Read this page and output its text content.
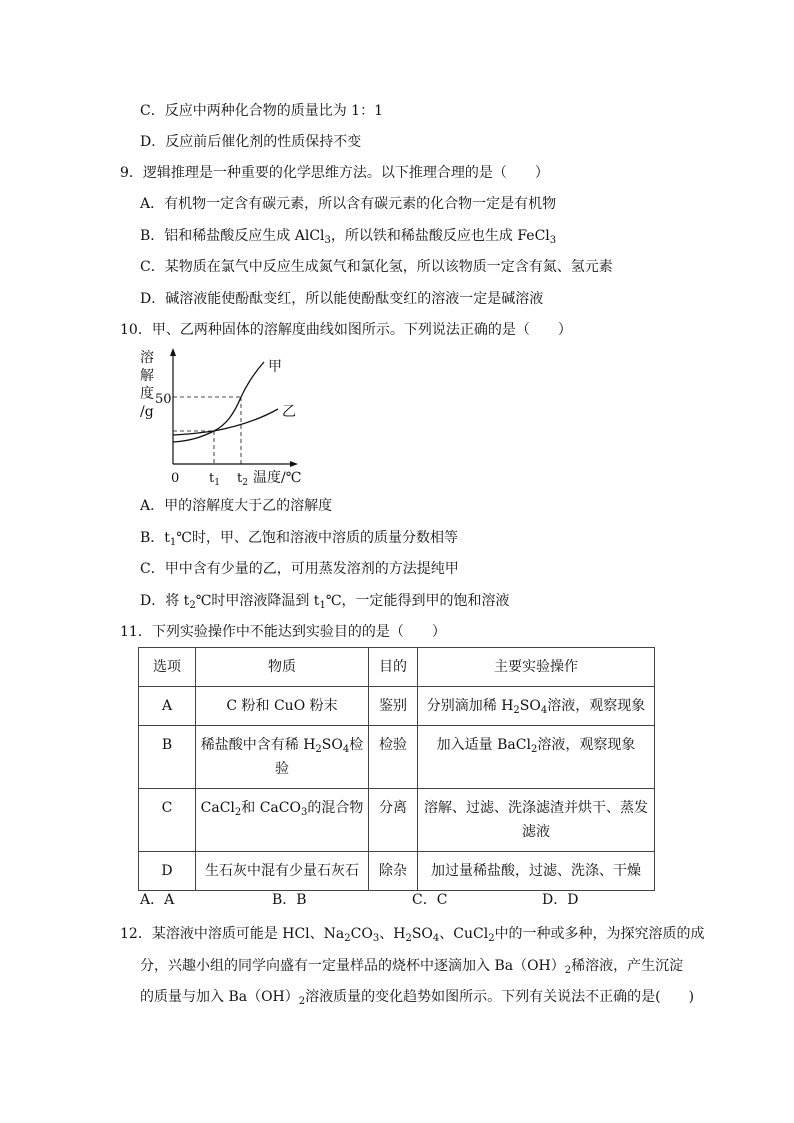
C．反应中两种化合物的质量比为 1：1
D．反应前后催化剂的性质保持不变
9．逻辑推理是一种重要的化学思维方法。以下推理合理的是（　　）
A．有机物一定含有碳元素，所以含有碳元素的化合物一定是有机物
B．铝和稀盐酸反应生成 AlCl$_3$，所以铁和稀盐酸反应也生成 FeCl$_3$
C．某物质在氯气中反应生成氮气和氯化氢，所以该物质一定含有氮、氢元素
D．碱溶液能使酚酞变红，所以能使酚酞变红的溶液一定是碱溶液
10．甲、乙两种固体的溶解度曲线如图所示。下列说法正确的是（　　）
溶
解
度
/g
甲
乙
50
0 $t_1$ $t_2$ 温度/℃
A．甲的溶解度大于乙的溶解度
B．$t_1℃$时，甲、乙饱和溶液中溶质的质量分数相等
C．甲中含有少量的乙，可用蒸发溶剂的方法提纯甲
D．将 $t_2℃$时甲溶液降温到 $t_1℃$，一定能得到甲的饱和溶液
11．下列实验操作中不能达到实验目的的是（　　）
选项	物质	目的	主要实验操作
A	C 粉和 CuO 粉末	鉴别	分别滴加稀 $H_2SO_4$溶液，观察现象
B	稀盐酸中含有稀 $H_2SO_4$检验	检验	加入适量 BaCl$_2$溶液，观察现象
C	CaCl$_2$和 CaCO$_3$的混合物	分离	溶解、过滤、洗涤滤渣并烘干、蒸发滤液
D	生石灰中混有少量石灰石	除杂	加过量稀盐酸，过滤、洗涤、干燥
A．A	B．B	C．C	D．D
12．某溶液中溶质可能是 HCl、$Na_2CO_3$、$H_2SO_4$、CuCl$_2$中的一种或多种，为探究溶质的成
分，兴趣小组的同学向盛有一定量样品的烧杯中逐滴加入 $Ba(OH)_2$稀溶液，产生沉淀
的质量与加入 $Ba(OH)_2$溶液质量的变化趋势如图所示。下列有关说法不正确的是(　　)
